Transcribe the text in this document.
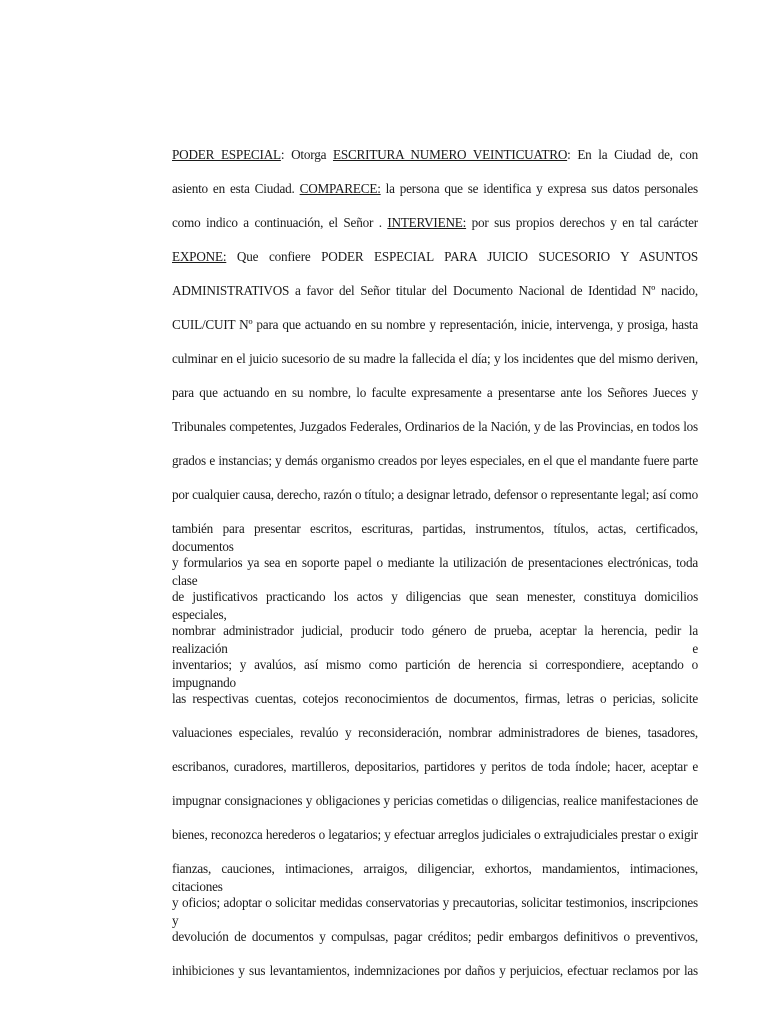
PODER ESPECIAL: Otorga ESCRITURA NUMERO VEINTICUATRO: En la Ciudad de, con
asiento en esta Ciudad. COMPARECE: la persona que se identifica y expresa sus datos personales
como indico a continuación, el Señor . INTERVIENE: por sus propios derechos y en tal carácter
EXPONE: Que confiere PODER ESPECIAL PARA JUICIO SUCESORIO Y ASUNTOS
ADMINISTRATIVOS a favor del Señor titular del Documento Nacional de Identidad Nº nacido,
CUIL/CUIT Nº para que actuando en su nombre y representación, inicie, intervenga, y prosiga, hasta
culminar en el juicio sucesorio de su madre la fallecida el día; y los incidentes que del mismo deriven,
para que actuando en su nombre, lo faculte expresamente a presentarse ante los Señores Jueces y
Tribunales competentes, Juzgados Federales, Ordinarios de la Nación, y de las Provincias, en todos los
grados e instancias; y demás organismo creados por leyes especiales, en el que el mandante fuere parte
por cualquier causa, derecho, razón o título; a designar letrado, defensor o representante legal; así como
también para presentar escritos, escrituras, partidas, instrumentos, títulos, actas, certificados, documentos
y formularios ya sea en soporte papel o mediante la utilización de presentaciones electrónicas, toda clase
de justificativos practicando los actos y diligencias que sean menester, constituya domicilios especiales,
nombrar administrador judicial, producir todo género de prueba, aceptar la herencia, pedir la realización e
inventarios; y avalúos, así mismo como partición de herencia si correspondiere, aceptando o impugnando
las respectivas cuentas, cotejos reconocimientos de documentos, firmas, letras o pericias, solicite
valuaciones especiales, revalúo y reconsideración, nombrar administradores de bienes, tasadores,
escribanos, curadores, martilleros, depositarios, partidores y peritos de toda índole; hacer, aceptar e
impugnar consignaciones y obligaciones y pericias cometidas o diligencias, realice manifestaciones de
bienes, reconozca herederos o legatarios; y efectuar arreglos judiciales o extrajudiciales prestar o exigir
fianzas, cauciones, intimaciones, arraigos, diligenciar, exhortos, mandamientos, intimaciones, citaciones
y oficios; adoptar o solicitar medidas conservatorias y precautorias, solicitar testimonios, inscripciones y
devolución de documentos y compulsas, pagar créditos; pedir embargos definitivos o preventivos,
inhibiciones y sus levantamientos, indemnizaciones por daños y perjuicios, efectuar reclamos por las
